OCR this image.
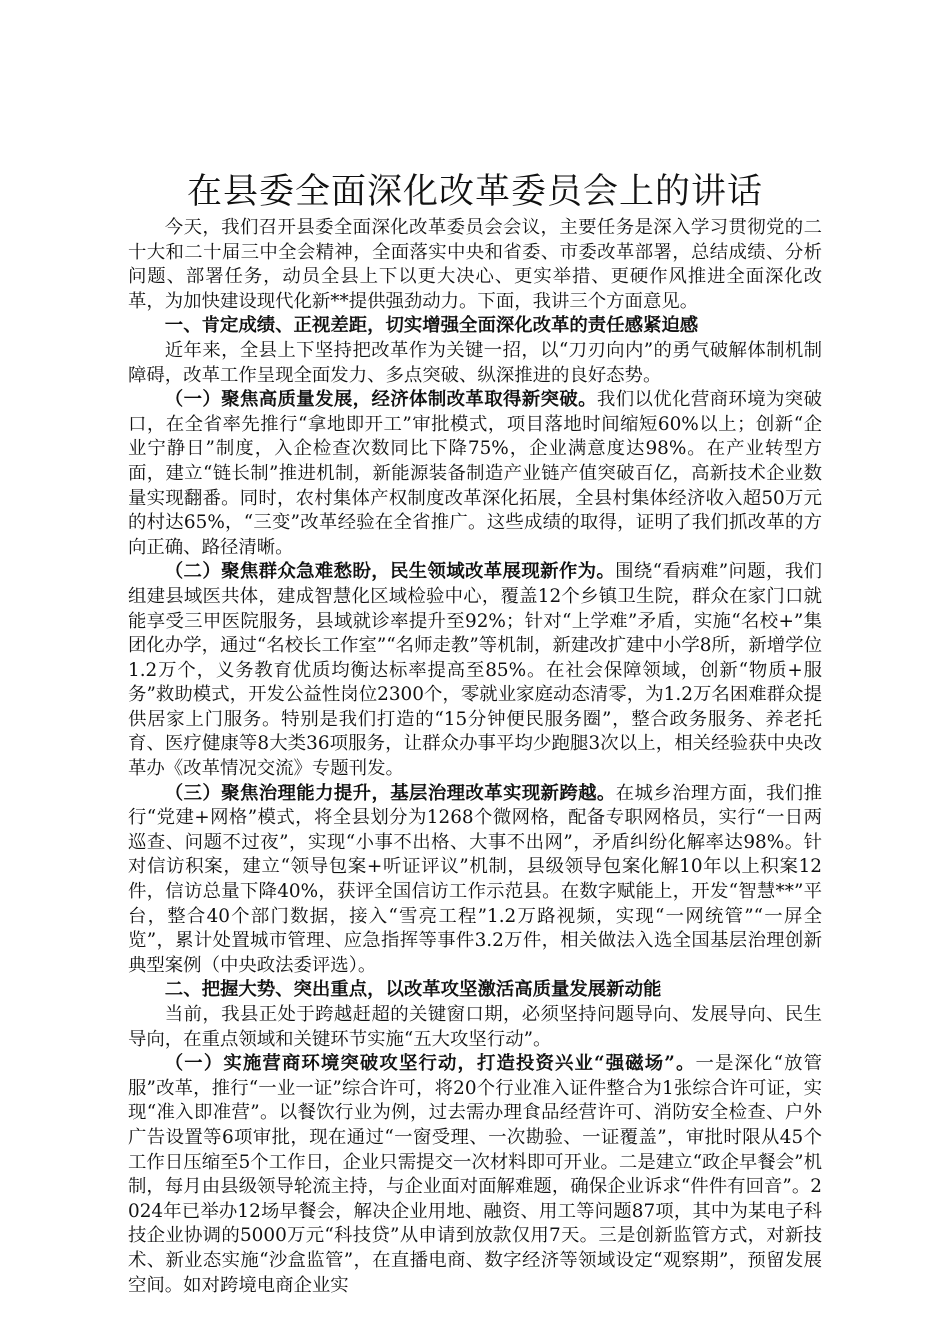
在县委全面深化改革委员会上的讲话

今天，我们召开县委全面深化改革委员会会议，主要任务是深入学习贯彻党的二十大和二十届三中全会精神，全面落实中央和省委、市委改革部署，总结成绩、分析问题、部署任务，动员全县上下以更大决心、更实举措、更硬作风推进全面深化改革，为加快建设现代化新**提供强劲动力。下面，我讲三个方面意见。

一、肯定成绩、正视差距，切实增强全面深化改革的责任感紧迫感

近年来，全县上下坚持把改革作为关键一招，以“刀刃向内”的勇气破解体制机制障碍，改革工作呈现全面发力、多点突破、纵深推进的良好态势。

（一）聚焦高质量发展，经济体制改革取得新突破。我们以优化营商环境为突破口，在全省率先推行“拿地即开工”审批模式，项目落地时间缩短60%以上；创新“企业宁静日”制度，入企检查次数同比下降75%，企业满意度达98%。在产业转型方面，建立“链长制”推进机制，新能源装备制造产业链产值突破百亿，高新技术企业数量实现翻番。同时，农村集体产权制度改革深化拓展，全县村集体经济收入超50万元的村达65%，“三变”改革经验在全省推广。这些成绩的取得，证明了我们抓改革的方向正确、路径清晰。

（二）聚焦群众急难愁盼，民生领域改革展现新作为。围绕“看病难”问题，我们组建县域医共体，建成智慧化区域检验中心，覆盖12个乡镇卫生院，群众在家门口就能享受三甲医院服务，县域就诊率提升至92%；针对“上学难”矛盾，实施“名校+”集团化办学，通过“名校长工作室”“名师走教”等机制，新建改扩建中小学8所，新增学位1.2万个，义务教育优质均衡达标率提高至85%。在社会保障领域，创新“物质+服务”救助模式，开发公益性岗位2300个，零就业家庭动态清零，为1.2万名困难群众提供居家上门服务。特别是我们打造的“15分钟便民服务圈”，整合政务服务、养老托育、医疗健康等8大类36项服务，让群众办事平均少跑腿3次以上，相关经验获中央改革办《改革情况交流》专题刊发。

（三）聚焦治理能力提升，基层治理改革实现新跨越。在城乡治理方面，我们推行“党建+网格”模式，将全县划分为1268个微网格，配备专职网格员，实行“一日两巡查、问题不过夜”，实现“小事不出格、大事不出网”，矛盾纠纷化解率达98%。针对信访积案，建立“领导包案+听证评议”机制，县级领导包案化解10年以上积案12件，信访总量下降40%，获评全国信访工作示范县。在数字赋能上，开发“智慧**”平台，整合40个部门数据，接入“雪亮工程”1.2万路视频，实现“一网统管”“一屏全览”，累计处置城市管理、应急指挥等事件3.2万件，相关做法入选全国基层治理创新典型案例（中央政法委评选）。

二、把握大势、突出重点，以改革攻坚激活高质量发展新动能

当前，我县正处于跨越赶超的关键窗口期，必须坚持问题导向、发展导向、民生导向，在重点领域和关键环节实施“五大攻坚行动”。

（一）实施营商环境突破攻坚行动，打造投资兴业“强磁场”。一是深化“放管服”改革，推行“一业一证”综合许可，将20个行业准入证件整合为1张综合许可证，实现“准入即准营”。以餐饮行业为例，过去需办理食品经营许可、消防安全检查、户外广告设置等6项审批，现在通过“一窗受理、一次勘验、一证覆盖”，审批时限从45个工作日压缩至5个工作日，企业只需提交一次材料即可开业。二是建立“政企早餐会”机制，每月由县级领导轮流主持，与企业面对面解难题，确保企业诉求“件件有回音”。2024年已举办12场早餐会，解决企业用地、融资、用工等问题87项，其中为某电子科技企业协调的5000万元“科技贷”从申请到放款仅用7天。三是创新监管方式，对新技术、新业态实施“沙盒监管”，在直播电商、数字经济等领域设定“观察期”，预留发展空间。如对跨境电商企业实
